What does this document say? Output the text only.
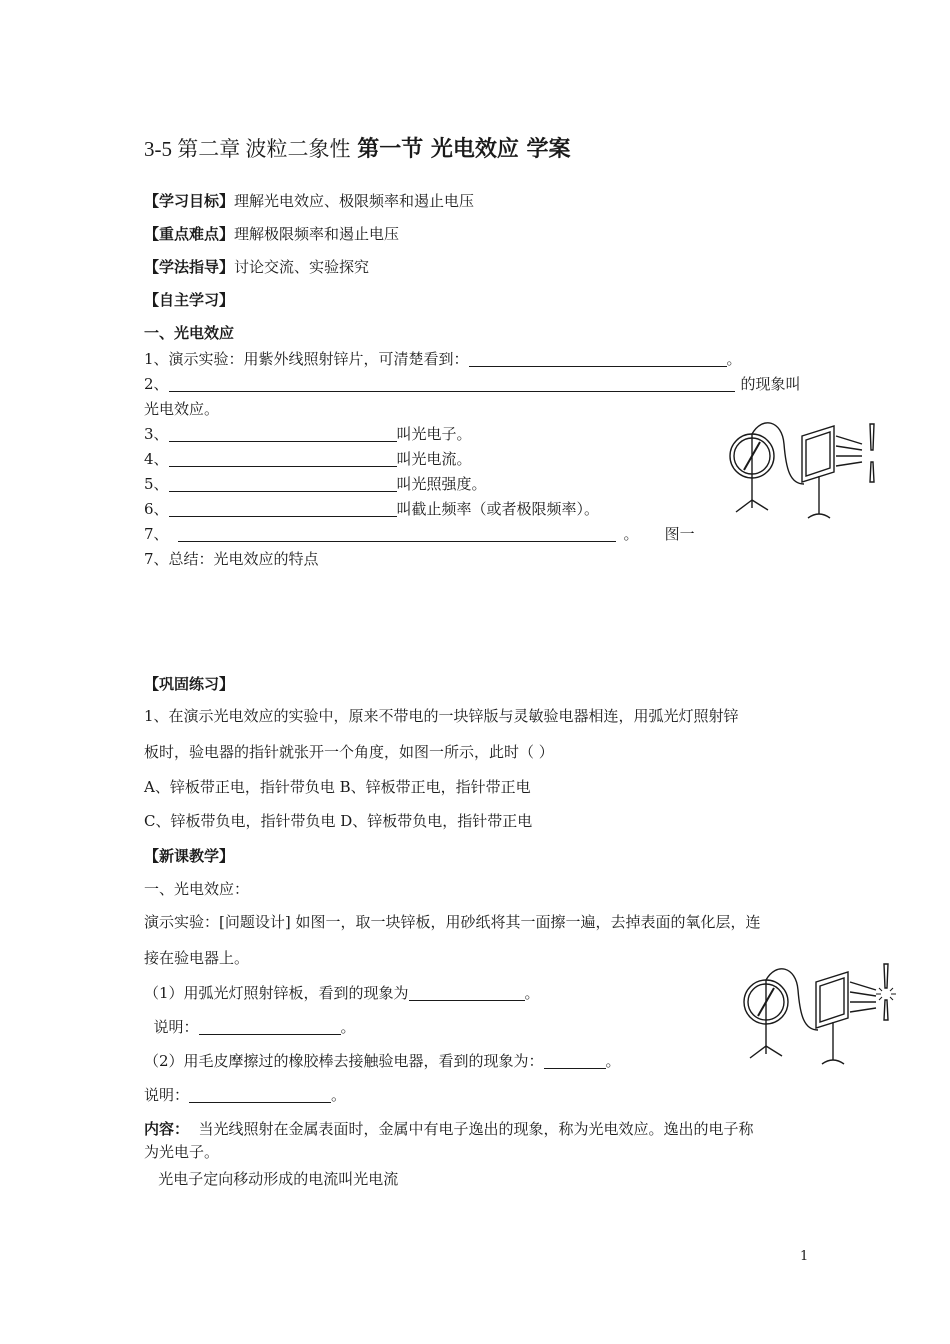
3-5 第二章 波粒二象性 第一节 光电效应 学案
【学习目标】理解光电效应、极限频率和遏止电压
【重点难点】理解极限频率和遏止电压
【学法指导】讨论交流、实验探究
【自主学习】
一、光电效应
1、演示实验：用紫外线照射锌片，可清楚看到：	。
2、	的现象叫
光电效应。
3、	叫光电子。
4、	叫光电流。
5、	叫光照强度。
6、	叫截止频率（或者极限频率）。
7、	。 图一
7、总结：光电效应的特点
【巩固练习】
1、在演示光电效应的实验中，原来不带电的一块锌版与灵敏验电器相连，用弧光灯照射锌
板时，验电器的指针就张开一个角度，如图一所示，此时（ ）
A、锌板带正电，指针带负电 B、锌板带正电，指针带正电
C、锌板带负电，指针带负电 D、锌板带负电，指针带正电
【新课教学】
一、光电效应：
演示实验：[问题设计] 如图一，取一块锌板，用砂纸将其一面擦一遍，去掉表面的氧化层，连
接在验电器上。
（1）用弧光灯照射锌板，看到的现象为	。
说明：	。
（2）用毛皮摩擦过的橡胶棒去接触验电器，看到的现象为：	。
说明：	。
内容：  当光线照射在金属表面时，金属中有电子逸出的现象，称为光电效应。逸出的电子称
为光电子。
光电子定向移动形成的电流叫光电流
1
